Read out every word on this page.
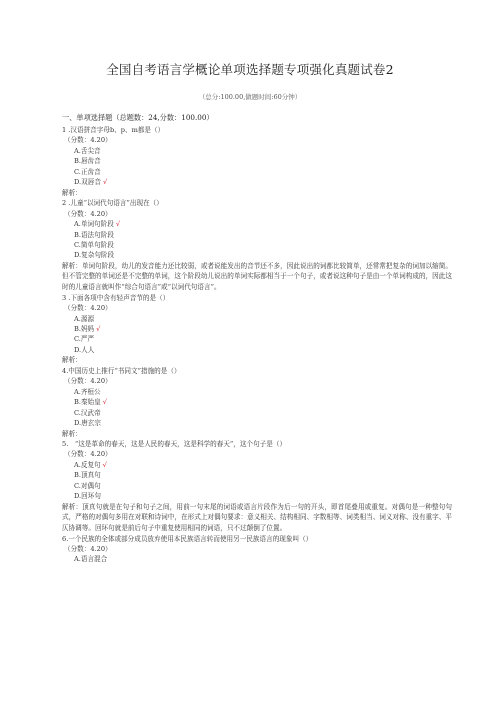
全国自考语言学概论单项选择题专项强化真题试卷2
（总分:100.00,做题时间:60分钟）
一、单项选择题（总题数：24,分数：100.00）
1 .汉语拼音字母b、p、m都是（）
（分数：4.20）
A.舌尖音
B.唇齿音
C.正齿音
D.双唇音 √
解析：
2 .儿童“以词代句语言”出现在（）
（分数：4.20）
A.单词句阶段 √
B.语法句阶段
C.简单句阶段
D.复杂句阶段
解析：单词句阶段，幼儿的发音能力还比较弱，或者说能发出的音节还不多，因此说出的词都比较简单，还常常把复杂的词加以缩简。但不管完整的单词还是不完整的单词，这个阶段幼儿说出的单词实际都相当于一个句子，或者说这种句子是由一个单词构成的，因此这时的儿童语言就叫作“综合句语言”或“以词代句语言”。
3 .下面各项中含有轻声音节的是（）
（分数：4.20）
A.源源
B.妈妈 √
C.严严
D.人人
解析：
4.中国历史上推行“书同文”措施的是（）
（分数：4.20）
A.齐桓公
B.秦始皇 √
C.汉武帝
D.唐玄宗
解析：
5.　“这是革命的春天，这是人民的春天，这是科学的春天”，这个句子是（）
（分数：4.20）
A.反复句 √
B.顶真句
C.对偶句
D.回环句
解析：顶真句就是在句子和句子之间，用前一句末尾的词语或语言片段作为后一句的开头，即首尾叠用或重复。对偶句是一种整句句式，严格的对偶句多用在对联和诗词中，在形式上对偶句要求：意义相关、结构相同、字数相等、词类相当、词义对称、没有重字、平仄协调等。回环句就是前后句子中重复使用相同的词语，只不过颠倒了位置。
6.一个民族的全体或部分成员放弃使用本民族语言转而使用另一民族语言的现象叫（）
（分数：4.20）
A.语言混合
